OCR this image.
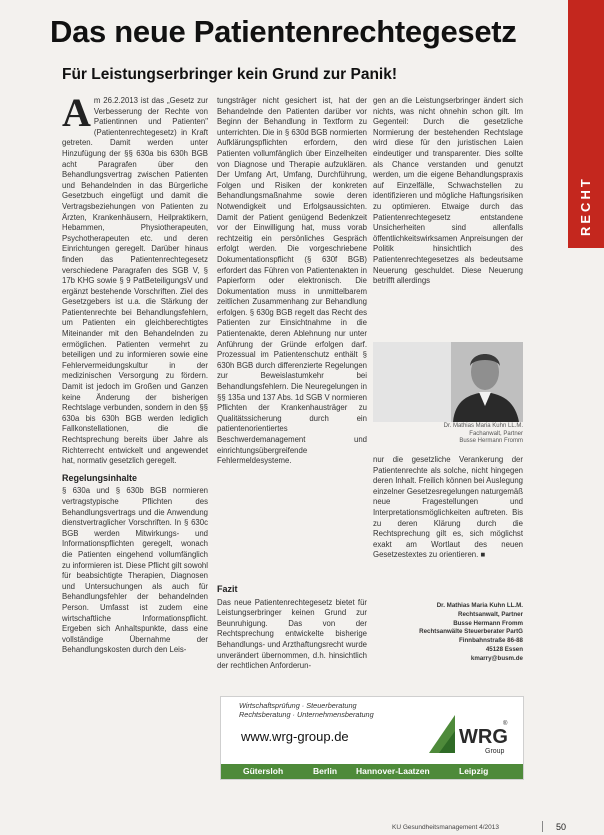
Das neue Patientenrechtegesetz
Für Leistungserbringer kein Grund zur Panik!
RECHT

Am 26.2.2013 ist das „Gesetz zur Verbesserung der Rechte von Patientinnen und Patienten" (Patientenrechtegesetz) in Kraft getreten. Damit werden unter Hinzufügung der §§ 630a bis 630h BGB acht Paragrafen über den Behandlungsvertrag zwischen Patienten und Behandelnden in das Bürgerliche Gesetzbuch eingefügt und damit die Vertragsbeziehungen von Patienten zu Ärzten, Krankenhäusern, Heilpraktikern, Hebammen, Physiotherapeuten, Psychotherapeuten etc. und deren Einrichtungen geregelt. Darüber hinaus finden das Patientenrechtegesetz verschiedene Paragrafen des SGB V, § 17b KHG sowie § 9 PatBeteiligungsV und ergänzt bestehende Vorschriften. Ziel des Gesetzgebers ist u.a. die Stärkung der Patientenrechte bei Behandlungsfehlern, um Patienten ein gleichberechtigtes Miteinander mit den Behandelnden zu ermöglichen. Patienten vermehrt zu beteiligen und zu informieren sowie eine Fehlervermeidungskultur in der medizinischen Versorgung zu fördern. Damit ist jedoch im Großen und Ganzen keine Änderung der bisherigen Rechtslage verbunden, sondern in den §§ 630a bis 630h BGB werden lediglich Fallkonstellationen, die die Rechtsprechung bereits über Jahre als Richterrecht entwickelt und angewendet hat, normativ gesetzlich geregelt.

Regelungsinhalte

§ 630a und § 630b BGB normieren vertragstypische Pflichten des Behandlungsvertrags und die Anwendung dienstvertraglicher Vorschriften. In § 630c BGB werden Mitwirkungs- und Informationspflichten geregelt, wonach die Patienten eingehend vollumfänglich zu informieren ist. Diese Pflicht gilt sowohl für beabsichtigte Therapien, Diagnosen und Untersuchungen als auch für Behandlungsfehler der behandelnden Person. Umfasst ist zudem eine wirtschaftliche Informationspflicht. Ergeben sich Anhaltspunkte, dass eine vollständige Übernahme der Behandlungskosten durch den Leis-

tungsträger nicht gesichert ist, hat der Behandelnde den Patienten darüber vor Beginn der Behandlung in Textform zu unterrichten. Die in § 630d BGB normierten Aufklärungspflichten erfordern, den Patienten vollumfänglich über Einzelheiten von Diagnose und Therapie aufzuklären. Der Umfang Art, Umfang, Durchführung, Folgen und Risiken der konkreten Behandlungsmaßnahme sowie deren Notwendigkeit und Erfolgsaussichten. Damit der Patient genügend Bedenkzeit vor der Einwilligung hat, muss vorab rechtzeitig ein persönliches Gespräch erfolgt werden. Die vorgeschriebene Dokumentationspflicht (§ 630f BGB) erfordert das Führen von Patientenakten in Papierform oder elektronisch. Die Dokumentation muss in unmittelbarem zeitlichen Zusammenhang zur Behandlung erfolgen. § 630g BGB regelt das Recht des Patienten zur Einsichtnahme in die Patientenakte, deren Ablehnung nur unter Anführung der Gründe erfolgen darf. Prozessual im Patientenschutz enthält § 630h BGB durch differenzierte Regelungen zur Beweislastumkehr bei Behandlungsfehlern. Die Neuregelungen in §§ 135a und 137 Abs. 1d SGB V normieren Pflichten der Krankenhausträger zu Qualitätssicherung durch ein patientenorientiertes Beschwerdemanagement und einrichtungsübergreifende Fehlermeldesysteme.

Fazit

Das neue Patientenrechtegesetz bietet für Leistungserbringer keinen Grund zur Beunruhigung. Das von der Rechtsprechung entwickelte bisherige Behandlungs- und Arzthaftungsrecht wurde unverändert übernommen, d.h. hinsichtlich der rechtlichen Anforderun-

gen an die Leistungserbringer ändert sich nichts, was nicht ohnehin schon gilt. Im Gegenteil: Durch die gesetzliche Normierung der bestehenden Rechtslage wird diese für den juristischen Laien eindeutiger und transparenter. Dies sollte als Chance verstanden und genutzt werden, um die eigene Behandlungspraxis auf Einzelfälle, Schwachstellen zu identifizieren und mögliche Haftungsrisiken zu optimieren. Etwaige durch das Patientenrechtegesetz entstandene Unsicherheiten sind allenfalls öffentlichkeitswirksamen Anpreisungen der Politik hinsichtlich des Patientenrechtegesetzes als bedeutsame Neuerung geschuldet. Diese Neuerung betrifft allerdings

Dr. Mathias Maria Kuhn LL.M.
Fachanwalt, Partner
Busse Hermann Fromm

nur die gesetzliche Verankerung der Patientenrechte als solche, nicht hingegen deren Inhalt. Freilich können bei Auslegung einzelner Gesetzesregelungen naturgemäß neue Fragestellungen und Interpretationsmöglichkeiten auftreten. Bis zu deren Klärung durch die Rechtsprechung gilt es, sich möglichst exakt am Wortlaut des neuen Gesetzestextes zu orientieren. ■

Dr. Mathias Maria Kuhn LL.M.
Rechtsanwalt, Partner
Busse Hermann Fromm
Rechtsanwälte Steuerberater PartG
Finnbahnstraße 86-88
45128 Essen
kmarry@busm.de
Wirtschaftsprüfung · Steuerberatung
Rechtsberatung · Unternehmensberatung
www.wrg-group.de	WRG
Group
®
Gütersloh	Berlin Hannover-Laatzen	Leipzig
KU Gesundheitsmanagement 4/2013	50
